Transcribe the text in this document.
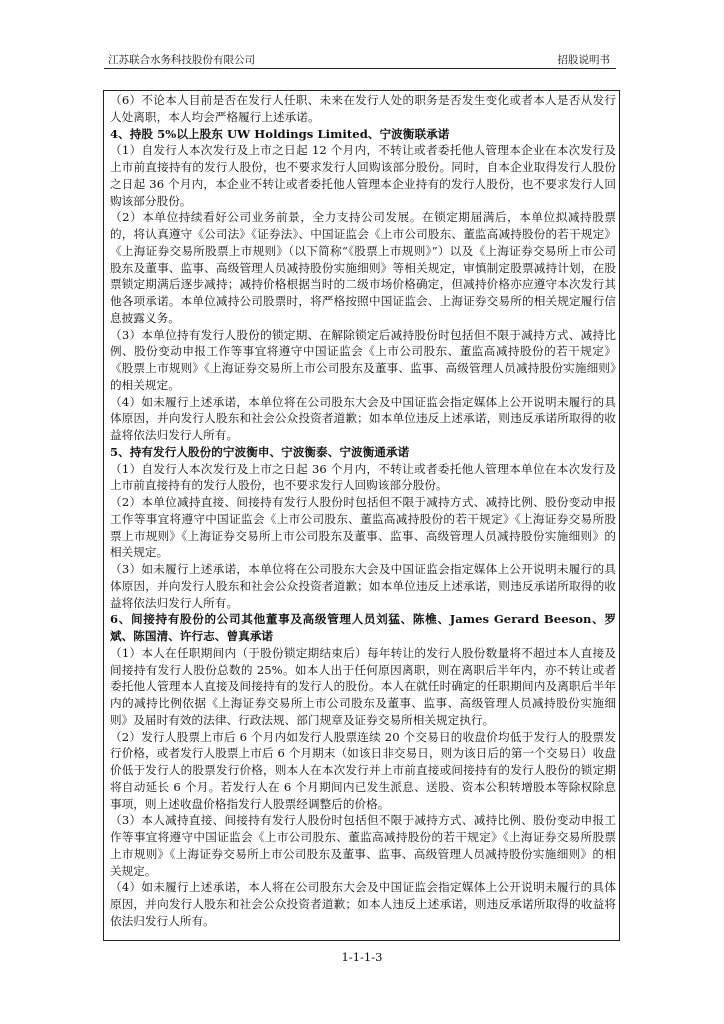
江苏联合水务科技股份有限公司	招股说明书

（6）不论本人目前是否在发行人任职、未来在发行人处的职务是否发生变化或者本人是否从发行人处离职，本人均会严格履行上述承诺。

4、持股 5%以上股东 UW Holdings Limited、宁波衡联承诺

（1）自发行人本次发行及上市之日起 12 个月内，不转让或者委托他人管理本企业在本次发行及上市前直接持有的发行人股份，也不要求发行人回购该部分股份。同时，自本企业取得发行人股份之日起 36 个月内，本企业不转让或者委托他人管理本企业持有的发行人股份，也不要求发行人回购该部分股份。

（2）本单位持续看好公司业务前景，全力支持公司发展。在锁定期届满后，本单位拟减持股票的，将认真遵守《公司法》《证券法》、中国证监会《上市公司股东、董监高减持股份的若干规定》《上海证券交易所股票上市规则》（以下简称“《股票上市规则》”）以及《上海证券交易所上市公司股东及董事、监事、高级管理人员减持股份实施细则》等相关规定，审慎制定股票减持计划，在股票锁定期满后逐步减持；减持价格根据当时的二级市场价格确定，但减持价格亦应遵守本次发行其他各项承诺。本单位减持公司股票时，将严格按照中国证监会、上海证券交易所的相关规定履行信息披露义务。

（3）本单位持有发行人股份的锁定期、在解除锁定后减持股份时包括但不限于减持方式、减持比例、股份变动申报工作等事宜将遵守中国证监会《上市公司股东、董监高减持股份的若干规定》《股票上市规则》《上海证券交易所上市公司股东及董事、监事、高级管理人员减持股份实施细则》的相关规定。

（4）如未履行上述承诺，本单位将在公司股东大会及中国证监会指定媒体上公开说明未履行的具体原因，并向发行人股东和社会公众投资者道歉；如本单位违反上述承诺，则违反承诺所取得的收益将依法归发行人所有。

5、持有发行人股份的宁波衡申、宁波衡泰、宁波衡通承诺

（1）自发行人本次发行及上市之日起 36 个月内，不转让或者委托他人管理本单位在本次发行及上市前直接持有的发行人股份，也不要求发行人回购该部分股份。

（2）本单位减持直接、间接持有发行人股份时包括但不限于减持方式、减持比例、股份变动申报工作等事宜将遵守中国证监会《上市公司股东、董监高减持股份的若干规定》《上海证券交易所股票上市规则》《上海证券交易所上市公司股东及董事、监事、高级管理人员减持股份实施细则》的相关规定。

（3）如未履行上述承诺，本单位将在公司股东大会及中国证监会指定媒体上公开说明未履行的具体原因，并向发行人股东和社会公众投资者道歉；如本单位违反上述承诺，则违反承诺所取得的收益将依法归发行人所有。

6、间接持有股份的公司其他董事及高级管理人员刘猛、陈樵、James Gerard Beeson、罗斌、陈国清、许行志、曾真承诺

（1）本人在任职期间内（于股份锁定期结束后）每年转让的发行人股份数量将不超过本人直接及间接持有发行人股份总数的 25%。如本人出于任何原因离职，则在离职后半年内，亦不转让或者委托他人管理本人直接及间接持有的发行人的股份。本人在就任时确定的任职期间内及离职后半年内的减持比例依据《上海证券交易所上市公司股东及董事、监事、高级管理人员减持股份实施细则》及届时有效的法律、行政法规、部门规章及证券交易所相关规定执行。

（2）发行人股票上市后 6 个月内如发行人股票连续 20 个交易日的收盘价均低于发行人的股票发行价格，或者发行人股票上市后 6 个月期末（如该日非交易日，则为该日后的第一个交易日）收盘价低于发行人的股票发行价格，则本人在本次发行并上市前直接或间接持有的发行人股份的锁定期将自动延长 6 个月。若发行人在 6 个月期间内已发生派息、送股、资本公积转增股本等除权除息事项，则上述收盘价格指发行人股票经调整后的价格。

（3）本人减持直接、间接持有发行人股份时包括但不限于减持方式、减持比例、股份变动申报工作等事宜将遵守中国证监会《上市公司股东、董监高减持股份的若干规定》《上海证券交易所股票上市规则》《上海证券交易所上市公司股东及董事、监事、高级管理人员减持股份实施细则》的相关规定。

（4）如未履行上述承诺，本人将在公司股东大会及中国证监会指定媒体上公开说明未履行的具体原因，并向发行人股东和社会公众投资者道歉；如本人违反上述承诺，则违反承诺所取得的收益将依法归发行人所有。

1-1-1-3
